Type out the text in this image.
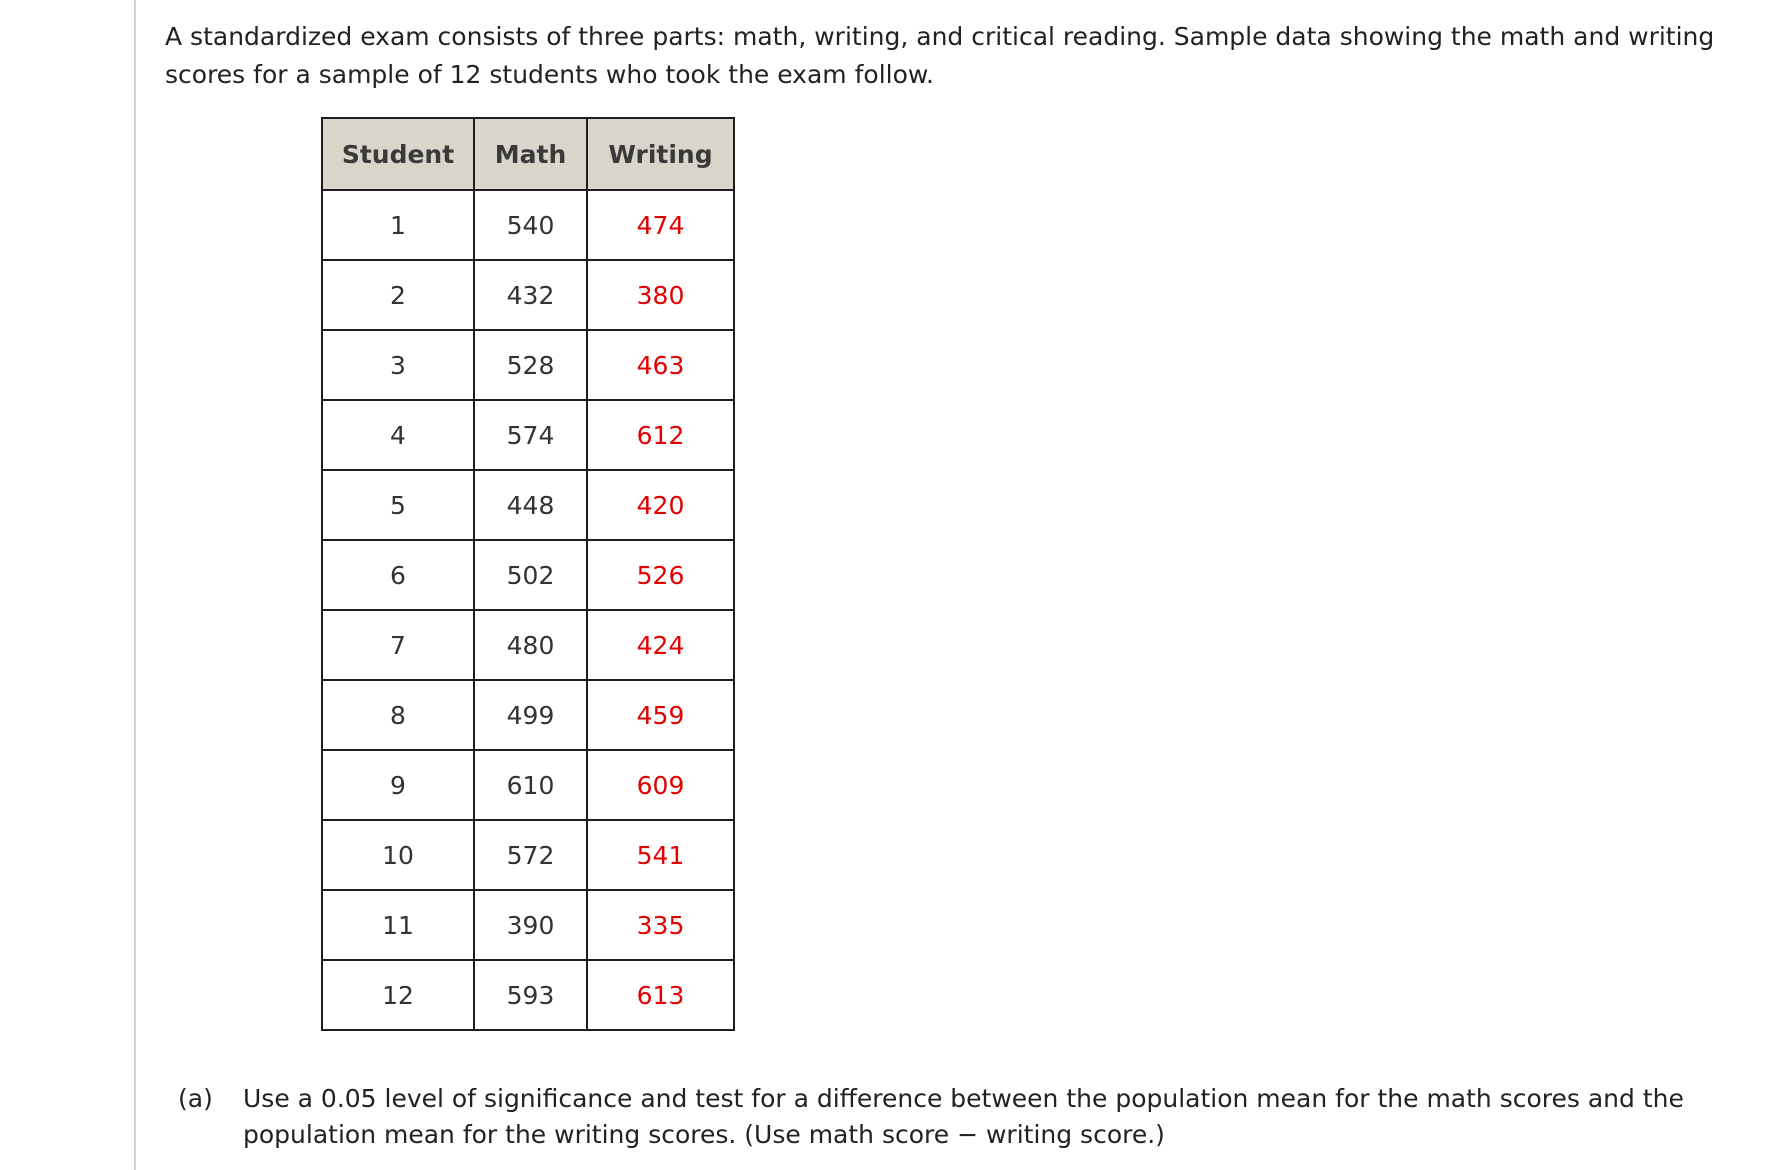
A standardized exam consists of three parts: math, writing, and critical reading. Sample data showing the math and writing
scores for a sample of 12 students who took the exam follow.

Student	Math	Writing
1	540	474
2	432	380
3	528	463
4	574	612
5	448	420
6	502	526
7	480	424
8	499	459
9	610	609
10	572	541
11	390	335
12	593	613
(a) Use a 0.05 level of significance and test for a difference between the population mean for the math scores and the
population mean for the writing scores. (Use math score − writing score.)
